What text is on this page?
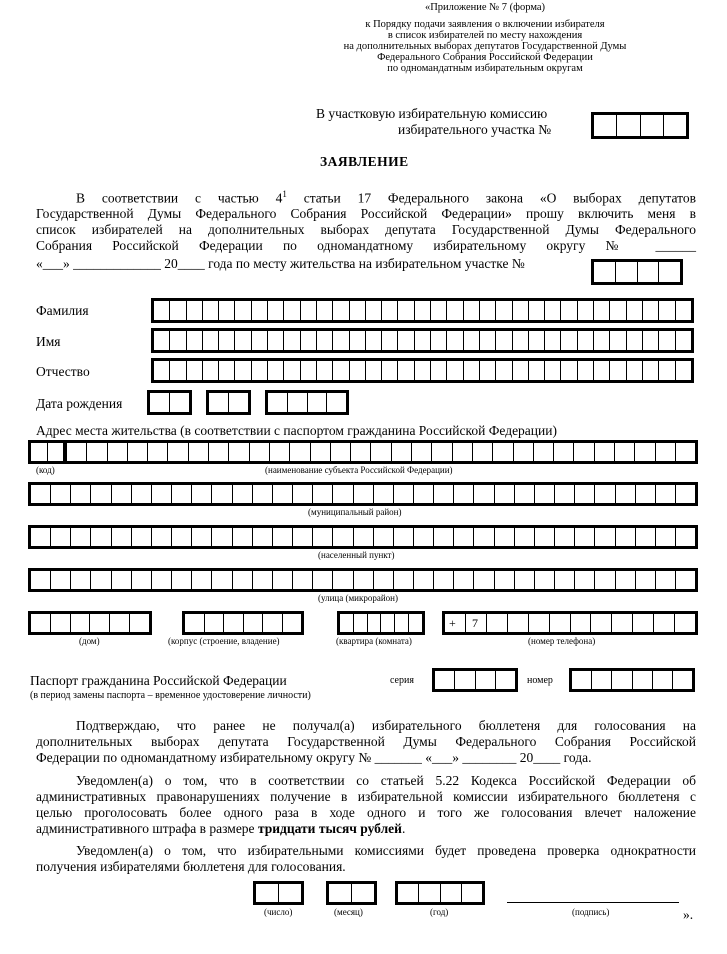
«Приложение № 7 (форма)
к Порядку подачи заявления о включении избирателя
в список избирателей по месту нахождения
на дополнительных выборах депутатов Государственной Думы
Федерального Собрания Российской Федерации
по одномандатным избирательным округам
В участковую избирательную комиссию
избирательного участка №
ЗАЯВЛЕНИЕ
В соответствии с частью $4^1$ статьи 17 Федерального закона «О выборах депутатов
Государственной Думы Федерального Собрания Российской Федерации» прошу включить меня в
список избирателей на дополнительных выборах депутата Государственной Думы Федерального
Собрания Российской Федерации по одномандатному избирательному округу № ______
«___» _____________ 20____ года по месту жительства на избирательном участке №
Фамилия
Имя
Отчество
Дата рождения
Адрес места жительства (в соответствии с паспортом гражданина Российской Федерации)
(код)	(наименование субъекта Российской Федерации)
(муниципальный район)
(населенный пункт)
(улица (микрорайон)
+ 7
(дом)	(корпус (строение, владение)	(квартира (комната)	(номер телефона)
Паспорт гражданина Российской Федерации
(в период замены паспорта – временное удостоверение личности)
серия	номер
Подтверждаю, что ранее не получал(а) избирательного бюллетеня для голосования на
дополнительных выборах депутата Государственной Думы Федерального Собрания Российской
Федерации по одномандатному избирательному округу № _______ «___» ________ 20____ года.
Уведомлен(а) о том, что в соответствии со статьей 5.22 Кодекса Российской Федерации об
административных правонарушениях получение в избирательной комиссии избирательного бюллетеня с
целью проголосовать более одного раза в ходе одного и того же голосования влечет наложение
административного штрафа в размере тридцати тысяч рублей.
Уведомлен(а) о том, что избирательными комиссиями будет проведена проверка однократности
получения избирателями бюллетеня для голосования.
(число)	(месяц)	(год)	(подпись)	».
